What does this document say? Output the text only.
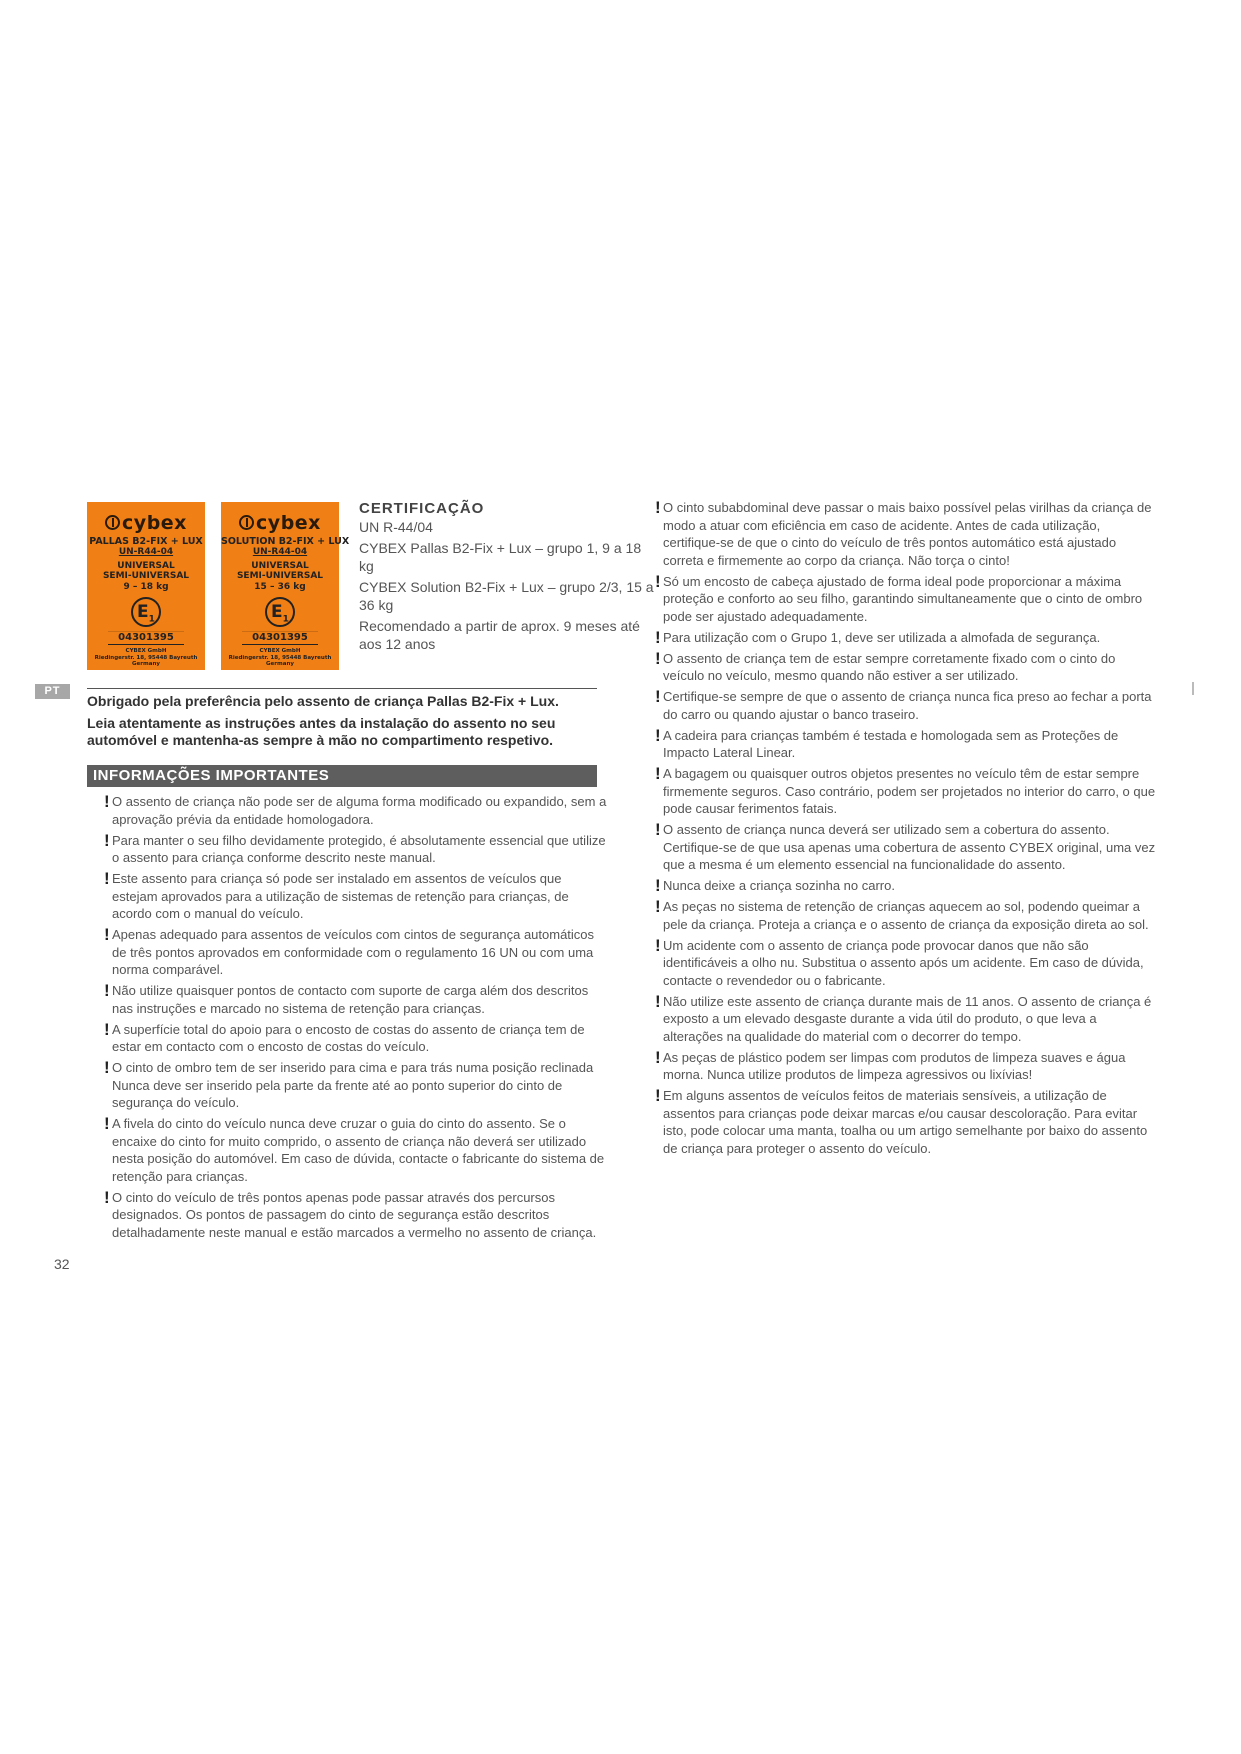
cybex
PALLAS B2-FIX + LUX
UN-R44-04
UNIVERSAL
SEMI-UNIVERSAL
9 – 18 kg
$E_1$
04301395
CYBEX GmbH
Riedingerstr. 18, 95448 Bayreuth
Germany
cybex
SOLUTION B2-FIX + LUX
UN-R44-04
UNIVERSAL
SEMI-UNIVERSAL
15 – 36 kg
$E_1$
04301395
CYBEX GmbH
Riedingerstr. 18, 95448 Bayreuth
Germany
CERTIFICAÇÃO

UN R-44/04

CYBEX Pallas B2-Fix + Lux – grupo 1, 9 a 18 kg

CYBEX Solution B2-Fix + Lux – grupo 2/3, 15 a 36 kg

Recomendado a partir de aprox. 9 meses até aos 12 anos

PT

Obrigado pela preferência pelo assento de criança Pallas B2-Fix + Lux.

Leia atentamente as instruções antes da instalação do assento no seu automóvel e mantenha-as sempre à mão no compartimento respetivo.

INFORMAÇÕES IMPORTANTES
! O assento de criança não pode ser de alguma forma modificado ou expandido, sem a aprovação prévia da entidade homologadora.
! Para manter o seu filho devidamente protegido, é absolutamente essencial que utilize o assento para criança conforme descrito neste manual.
! Este assento para criança só pode ser instalado em assentos de veículos que estejam aprovados para a utilização de sistemas de retenção para crianças, de acordo com o manual do veículo.
! Apenas adequado para assentos de veículos com cintos de segurança automáticos de três pontos aprovados em conformidade com o regulamento 16 UN ou com uma norma comparável.
! Não utilize quaisquer pontos de contacto com suporte de carga além dos descritos nas instruções e marcado no sistema de retenção para crianças.
! A superfície total do apoio para o encosto de costas do assento de criança tem de estar em contacto com o encosto de costas do veículo.
! O cinto de ombro tem de ser inserido para cima e para trás numa posição reclinada Nunca deve ser inserido pela parte da frente até ao ponto superior do cinto de segurança do veículo.
! A fivela do cinto do veículo nunca deve cruzar o guia do cinto do assento. Se o encaixe do cinto for muito comprido, o assento de criança não deverá ser utilizado nesta posição do automóvel. Em caso de dúvida, contacte o fabricante do sistema de retenção para crianças.
! O cinto do veículo de três pontos apenas pode passar através dos percursos designados. Os pontos de passagem do cinto de segurança estão descritos detalhadamente neste manual e estão marcados a vermelho no assento de criança.
! O cinto subabdominal deve passar o mais baixo possível pelas virilhas da criança de modo a atuar com eficiência em caso de acidente. Antes de cada utilização, certifique-se de que o cinto do veículo de três pontos automático está ajustado correta e firmemente ao corpo da criança. Não torça o cinto!
! Só um encosto de cabeça ajustado de forma ideal pode proporcionar a máxima proteção e conforto ao seu filho, garantindo simultaneamente que o cinto de ombro pode ser ajustado adequadamente.
! Para utilização com o Grupo 1, deve ser utilizada a almofada de segurança.
! O assento de criança tem de estar sempre corretamente fixado com o cinto do veículo no veículo, mesmo quando não estiver a ser utilizado.
! Certifique-se sempre de que o assento de criança nunca fica preso ao fechar a porta do carro ou quando ajustar o banco traseiro.
! A cadeira para crianças também é testada e homologada sem as Proteções de Impacto Lateral Linear.
! A bagagem ou quaisquer outros objetos presentes no veículo têm de estar sempre firmemente seguros. Caso contrário, podem ser projetados no interior do carro, o que pode causar ferimentos fatais.
! O assento de criança nunca deverá ser utilizado sem a cobertura do assento. Certifique-se de que usa apenas uma cobertura de assento CYBEX original, uma vez que a mesma é um elemento essencial na funcionalidade do assento.
! Nunca deixe a criança sozinha no carro.
! As peças no sistema de retenção de crianças aquecem ao sol, podendo queimar a pele da criança. Proteja a criança e o assento de criança da exposição direta ao sol.
! Um acidente com o assento de criança pode provocar danos que não são identificáveis a olho nu. Substitua o assento após um acidente. Em caso de dúvida, contacte o revendedor ou o fabricante.
! Não utilize este assento de criança durante mais de 11 anos. O assento de criança é exposto a um elevado desgaste durante a vida útil do produto, o que leva a alterações na qualidade do material com o decorrer do tempo.
! As peças de plástico podem ser limpas com produtos de limpeza suaves e água morna. Nunca utilize produtos de limpeza agressivos ou lixívias!
! Em alguns assentos de veículos feitos de materiais sensíveis, a utilização de assentos para crianças pode deixar marcas e/ou causar descoloração. Para evitar isto, pode colocar uma manta, toalha ou um artigo semelhante por baixo do assento de criança para proteger o assento do veículo.
32
